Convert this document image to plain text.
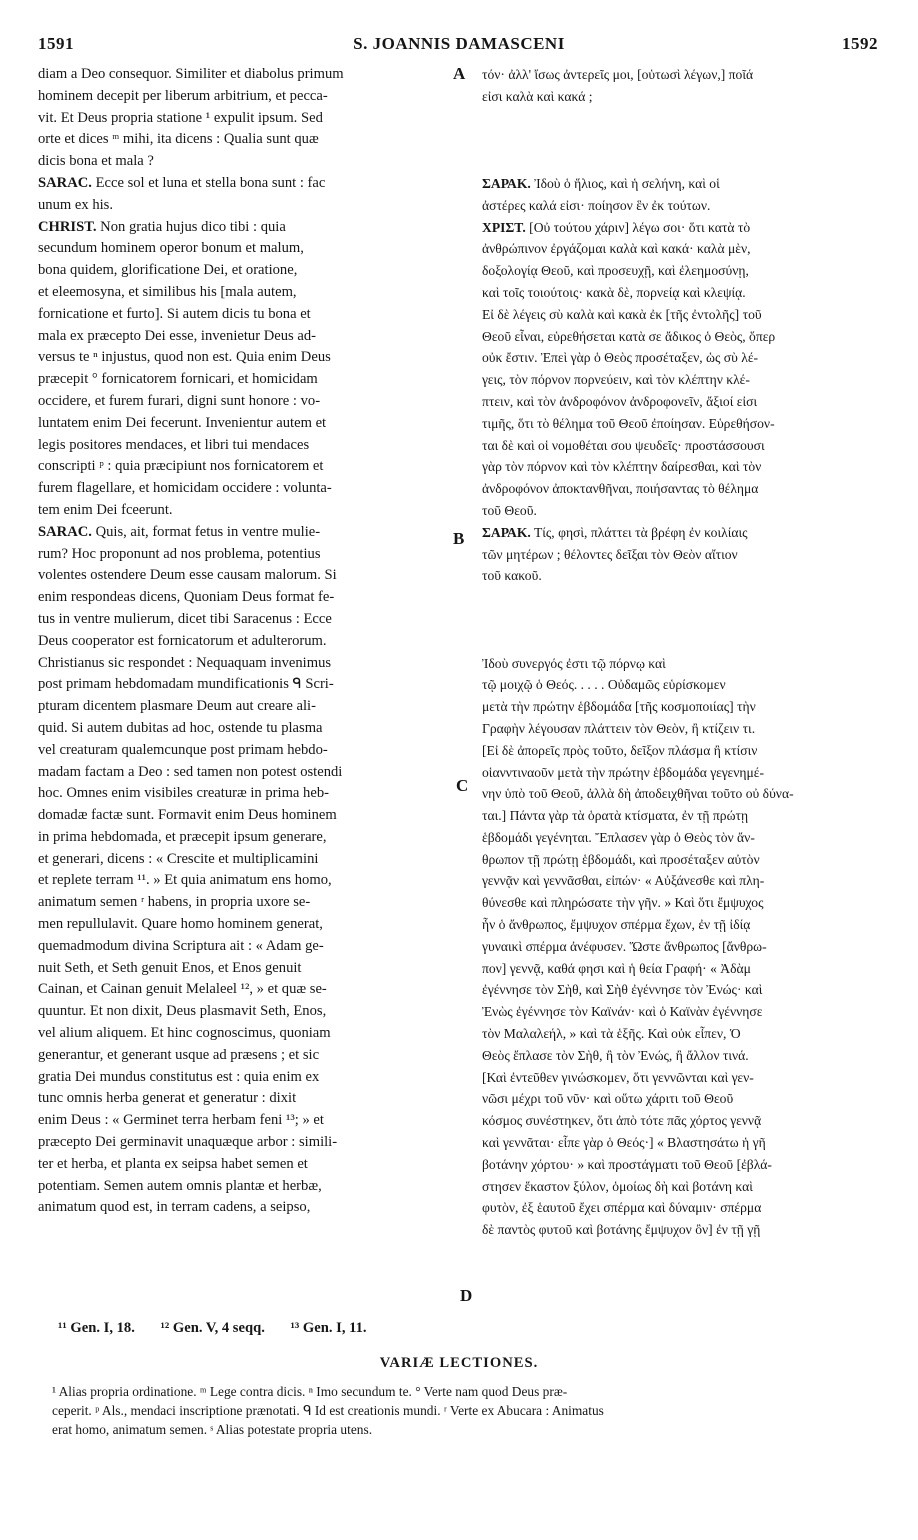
1591	S. JOANNIS DAMASCENI	1592
diam a Deo consequor. Similiter et diabolus primum
hominem decepit per liberum arbitrium, et pecca-
vit. Et Deus propria statione ¹ expulit ipsum. Sed
orte et dices ᵐ mihi, ita dicens : Qualia sunt quæ
dicis bona et mala ?
SARAC. Ecce sol et luna et stella bona sunt : fac
unum ex his.
CHRIST. Non gratia hujus dico tibi : quia
secundum hominem operor bonum et malum,
bona quidem, glorificatione Dei, et oratione,
et eleemosyna, et similibus his [mala autem,
fornicatione et furto]. Si autem dicis tu bona et
mala ex præcepto Dei esse, invenietur Deus ad-
versus te ⁿ injustus, quod non est. Quia enim Deus
præcepit ° fornicatorem fornicari, et homicidam
occidere, et furem furari, digni sunt honore : vo-
luntatem enim Dei fecerunt. Invenientur autem et
legis positores mendaces, et libri tui mendaces
conscripti ᵖ : quia præcipiunt nos fornicatorem et
furem flagellare, et homicidam occidere : volunta-
tem enim Dei fceerunt.
SARAC. Quis, ait, format fetus in ventre mulie-
rum? Hoc proponunt ad nos problema, potentius
volentes ostendere Deum esse causam malorum. Si
enim respondeas dicens, Quoniam Deus format fe-
tus in ventre mulierum, dicet tibi Saracenus : Ecce
Deus cooperator est fornicatorum et adulterorum.
Christianus sic respondet : Nequaquam invenimus
post primam hebdomadam mundificationis ᑫ Scri-
pturam dicentem plasmare Deum aut creare ali-
quid. Si autem dubitas ad hoc, ostende tu plasma
vel creaturam qualemcunque post primam hebdo-
madam factam a Deo : sed tamen non potest ostendi
hoc. Omnes enim visibiles creaturæ in prima heb-
domadæ factæ sunt. Formavit enim Deus hominem
in prima hebdomada, et præcepit ipsum generare,
et generari, dicens : « Crescite et multiplicamini
et replete terram ¹¹. » Et quia animatum ens homo,
animatum semen ʳ habens, in propria uxore se-
men repullulavit. Quare homo hominem generat,
quemadmodum divina Scriptura ait : « Adam ge-
nuit Seth, et Seth genuit Enos, et Enos genuit
Cainan, et Cainan genuit Melaleel ¹², » et quæ se-
quuntur. Et non dixit, Deus plasmavit Seth, Enos,
vel alium aliquem. Et hinc cognoscimus, quoniam
generantur, et generant usque ad præsens ; et sic
gratia Dei mundus constitutus est : quia enim ex
tunc omnis herba generat et generatur : dixit
enim Deus : « Germinet terra herbam feni ¹³; » et
præcepto Dei germinavit unaquæque arbor : simili-
ter et herba, et planta ex seipsa habet semen et
potentiam. Semen autem omnis plantæ et herbæ,
animatum quod est, in terram cadens, a seipso,
τόν· ἀλλ' ἴσως ἀντερεῖς μοι, [οὑτωσὶ λέγων,] ποῖά
εἰσι καλὰ καὶ κακά ;
ΣΑΡΑΚ. Ἰδοὺ ὁ ἥλιος, καὶ ἡ σελήνη, καὶ οἱ
ἀστέρες καλά εἰσι· ποίησον ἓν ἐκ τούτων.
ΧΡΙΣΤ. [Οὐ τούτου χάριν] λέγω σοι· ὅτι κατὰ τὸ
ἀνθρώπινον ἐργάζομαι καλὰ καὶ κακά· καλὰ μὲν,
δοξολογίᾳ Θεοῦ, καὶ προσευχῇ, καὶ ἐλεημοσύνῃ,
καὶ τοῖς τοιούτοις· κακὰ δὲ, πορνείᾳ καὶ κλεψίᾳ.
Εἰ δὲ λέγεις σὺ καλὰ καὶ κακὰ ἐκ [τῆς ἐντολῆς] τοῦ
Θεοῦ εἶναι, εὑρεθήσεται κατὰ σε ἄδικος ὁ Θεὸς, ὅπερ
οὐκ ἔστιν. Ἐπεὶ γὰρ ὁ Θεὸς προσέταξεν, ὡς σὺ λέ-
γεις, τὸν πόρνον πορνεύειν, καὶ τὸν κλέπτην κλέ-
πτειν, καὶ τὸν ἀνδροφόνον ἀνδροφονεῖν, ἄξιοί εἰσι
τιμῆς, ὅτι τὸ θέλημα τοῦ Θεοῦ ἐποίησαν. Εὑρεθήσον-
ται δὲ καὶ οἱ νομοθέται σου ψευδεῖς· προστάσσουσι
γὰρ τὸν πόρνον καὶ τὸν κλέπτην δαίρεσθαι, καὶ τὸν
ἀνδροφόνον ἀποκτανθῆναι, ποιήσαντας τὸ θέλημα
τοῦ Θεοῦ.
ΣΑΡΑΚ. Τίς, φησὶ, πλάττει τὰ βρέφη ἐν κοιλίαις
τῶν μητέρων ; θέλοντες δεῖξαι τὸν Θεὸν αἴτιον
τοῦ κακοῦ.
Ἰδοὺ συνεργός ἐστι τῷ πόρνῳ καὶ
τῷ μοιχῷ ὁ Θεός. . . . . Οὐδαμῶς εὑρίσκομεν
μετὰ τὴν πρώτην ἑβδομάδα [τῆς κοσμοποιίας] τὴν
Γραφὴν λέγουσαν πλάττειν τὸν Θεὸν, ἢ κτίζειν τι.
[Εἰ δὲ ἀπορεῖς πρὸς τοῦτο, δεῖξον πλάσμα ἢ κτίσιν
οἱανντιναοῦν μετὰ τὴν πρώτην ἑβδομάδα γεγενημέ-
νην ὑπὸ τοῦ Θεοῦ, ἀλλὰ δὴ ἀποδειχθῆναι τοῦτο οὐ δύνα-
ται.] Πάντα γὰρ τὰ ὁρατὰ κτίσματα, ἐν τῇ πρώτῃ
ἑβδομάδι γεγένηται. Ἔπλασεν γὰρ ὁ Θεὸς τὸν ἄν-
θρωπον τῇ πρώτῃ ἑβδομάδι, καὶ προσέταξεν αὐτὸν
γεννᾷν καὶ γεννᾶσθαι, εἰπών· « Αὐξάνεσθε καὶ πλη-
θύνεσθε καὶ πληρώσατε τὴν γῆν. » Καὶ ὅτι ἔμψυχος
ἦν ὁ ἄνθρωπος, ἔμψυχον σπέρμα ἔχων, ἐν τῇ ἰδίᾳ
γυναικὶ σπέρμα ἀνέφυσεν. Ὥστε ἄνθρωπος [ἄνθρω-
πον] γεννᾷ, καθά φησι καὶ ἡ θεία Γραφή· « Ἀδὰμ
ἐγέννησε τὸν Σὴθ, καὶ Σὴθ ἐγέννησε τὸν Ἐνώς· καὶ
Ἐνὼς ἐγέννησε τὸν Καϊνάν· καὶ ὁ Καϊνὰν ἐγέννησε
τὸν Μαλαλεήλ, » καὶ τὰ ἑξῆς. Καὶ οὐκ εἶπεν, Ὁ
Θεὸς ἔπλασε τὸν Σὴθ, ἢ τὸν Ἐνώς, ἢ ἄλλον τινά.
[Καὶ ἐντεῦθεν γινώσκομεν, ὅτι γεννῶνται καὶ γεν-
νῶσι μέχρι τοῦ νῦν· καὶ οὕτω χάριτι τοῦ Θεοῦ
κόσμος συνέστηκεν, ὅτι ἀπὸ τότε πᾶς χόρτος γεννᾷ
καὶ γεννᾶται· εἶπε γὰρ ὁ Θεός·] « Βλαστησάτω ἡ γῆ
βοτάνην χόρτου· » καὶ προστάγματι τοῦ Θεοῦ [ἐβλά-
στησεν ἕκαστον ξύλον, ὁμοίως δὴ καὶ βοτάνη καὶ
φυτὸν, ἐξ ἑαυτοῦ ἔχει σπέρμα καὶ δύναμιν· σπέρμα
δὲ παντὸς φυτοῦ καὶ βοτάνης ἔμψυχον ὂν] ἐν τῇ γῇ
A
B
C
D
¹¹ Gen. I, 18. ¹² Gen. V, 4 seqq. ¹³ Gen. I, 11.
VARIÆ LECTIONES.
¹ Alias propria ordinatione. ᵐ Lege contra dicis. ⁿ Imo secundum te. ° Verte nam quod Deus præ-
ceperit. ᵖ Als., mendaci inscriptione prænotati. ᑫ Id est creationis mundi. ʳ Verte ex Abucara : Animatus
erat homo, animatum semen. ˢ Alias potestate propria utens.
